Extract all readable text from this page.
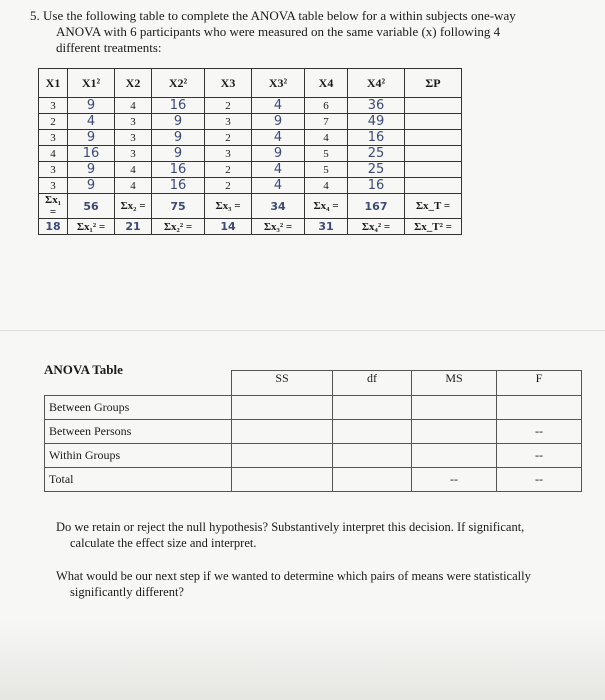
5. Use the following table to complete the ANOVA table below for a within subjects one-way
ANOVA with 6 participants who were measured on the same variable (x) following 4
different treatments:
X1	X1²	X2	X2²	X3	X3²	X4	X4²	ΣP
3	9	4	16	2	4	6	36	
2	4	3	9	3	9	7	49	
3	9	3	9	2	4	4	16	
4	16	3	9	3	9	5	25	
3	9	4	16	2	4	5	25	
3	9	4	16	2	4	4	16	
Σx₁ =	56	Σx₂ =	75	Σx₃ =	34	Σx₄ =	167	Σx_T =
18	Σx₁² =	21	Σx₂² =	14	Σx₃² =	31	Σx₄² =	Σx_T² =
ANOVA Table
	SS	df	MS	F
Between Groups				
Between Persons				--
Within Groups				--
Total			--	--
Do we retain or reject the null hypothesis? Substantively interpret this decision. If significant,
calculate the effect size and interpret.
What would be our next step if we wanted to determine which pairs of means were statistically
significantly different?
